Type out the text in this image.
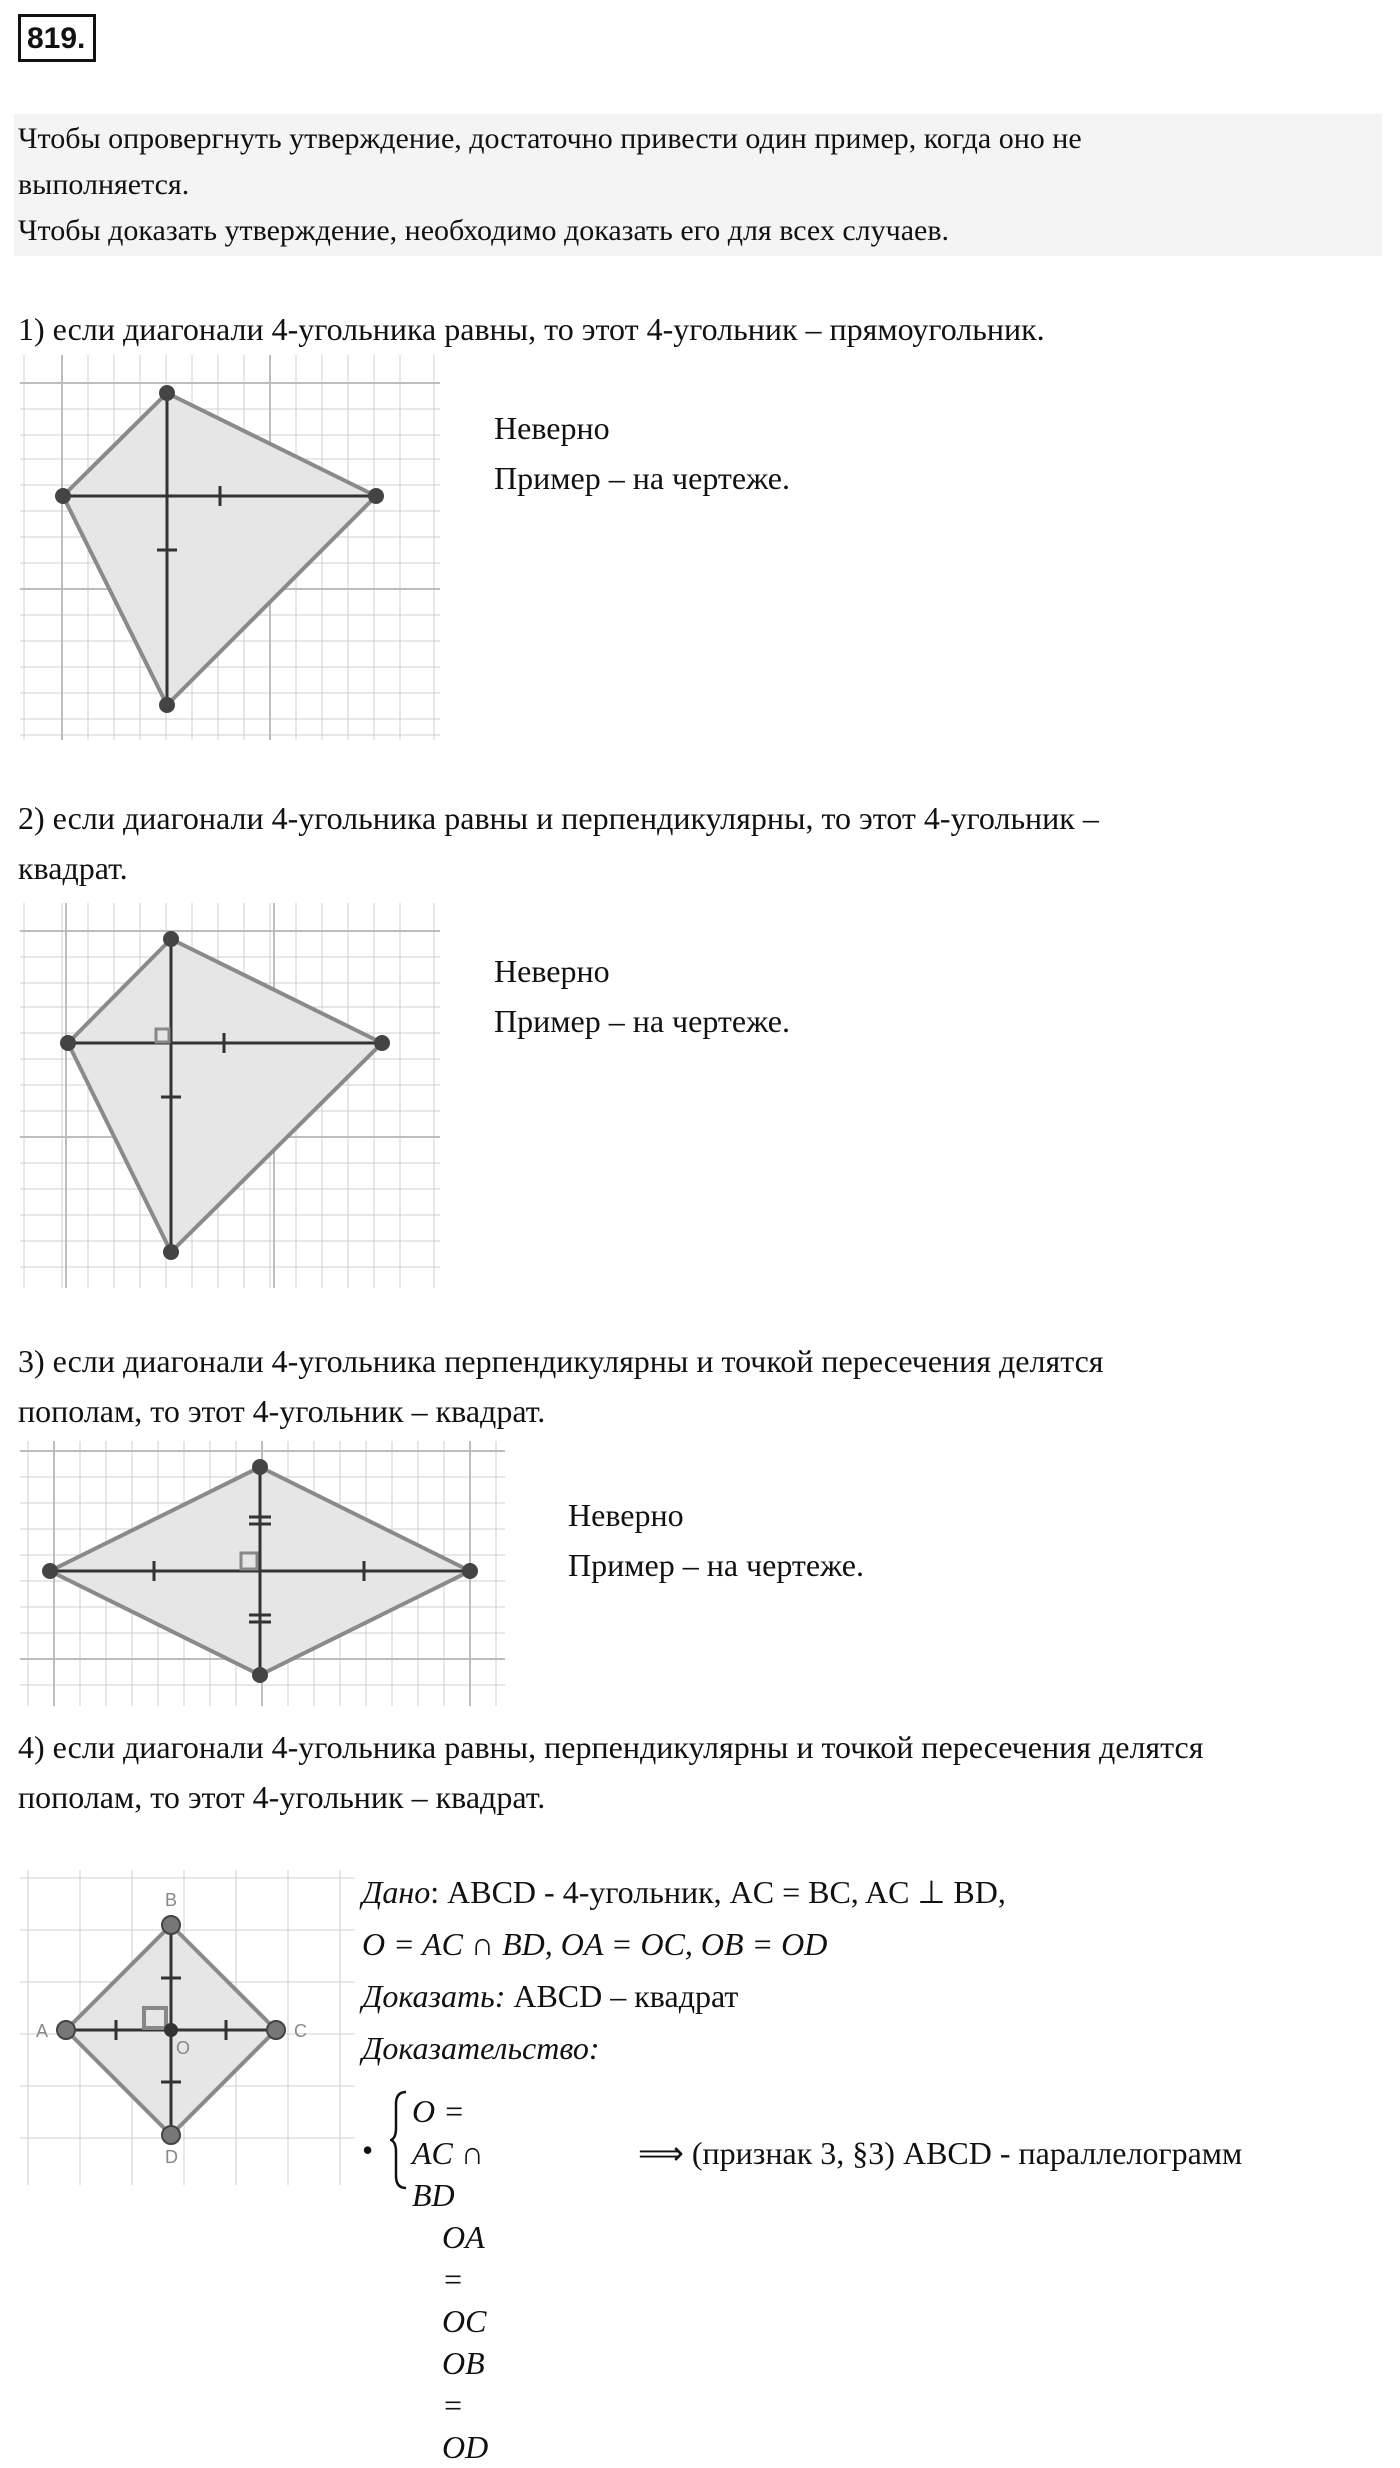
819.
Чтобы опровергнуть утверждение, достаточно привести один пример, когда оно не
выполняется.
Чтобы доказать утверждение, необходимо доказать его для всех случаев.
1) если диагонали 4-угольника равны, то этот 4-угольник – прямоугольник.
Неверно
Пример – на чертеже.
2) если диагонали 4-угольника равны и перпендикулярны, то этот 4-угольник –
квадрат.
Неверно
Пример – на чертеже.
3) если диагонали 4-угольника перпендикулярны и точкой пересечения делятся
пополам, то этот 4-угольник – квадрат.
Неверно
Пример – на чертеже.
4) если диагонали 4-угольника равны, перпендикулярны и точкой пересечения делятся
пополам, то этот 4-угольник – квадрат.
B
C
D
A
O
Дано: ABCD - 4-угольник, AC = BC, AC ⊥ BD,
O = AC ∩ BD, OA = OC, OB = OD
Доказать: ABCD – квадрат
Доказательство:
•
O = AC ∩ BD
OA = OC
OB = OD
⟹ (признак 3, §3) ABCD - параллелограмм
